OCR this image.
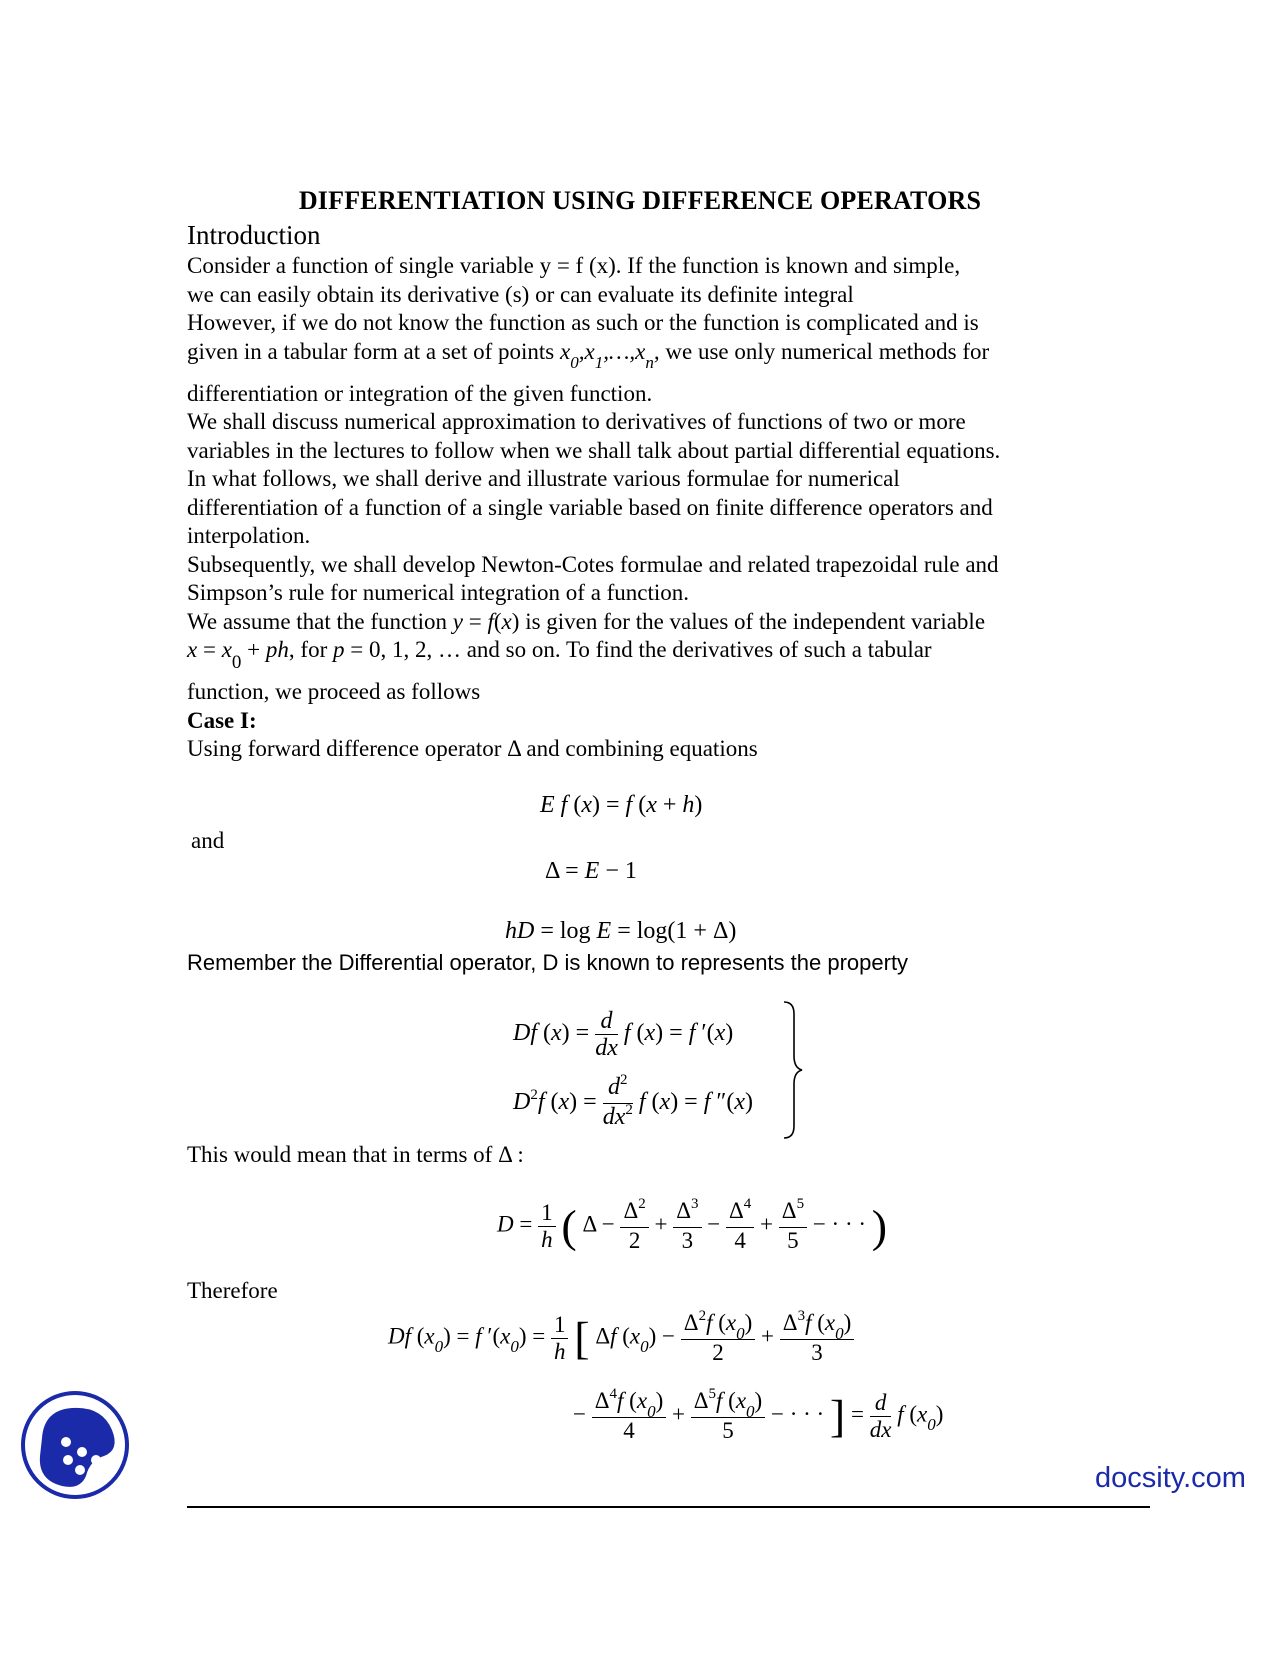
DIFFERENTIATION USING DIFFERENCE OPERATORS
Introduction
Consider a function of single variable y = f (x). If the function is known and simple,
we can easily obtain its derivative (s) or can evaluate its definite integral
However, if we do not know the function as such or the function is complicated and is
given in a tabular form at a set of points $x_0,x_1,\dots,x_n$, we use only numerical methods for
differentiation or integration of the given function.
We shall discuss numerical approximation to derivatives of functions of two or more
variables in the lectures to follow when we shall talk about partial differential equations.
In what follows, we shall derive and illustrate various formulae for numerical
differentiation of a function of a single variable based on finite difference operators and
interpolation.
Subsequently, we shall develop Newton-Cotes formulae and related trapezoidal rule and
Simpson’s rule for numerical integration of a function.
We assume that the function y = f(x) is given for the values of the independent variable
$x = x_0$ + ph, for p = 0, 1, 2, … and so on. To find the derivatives of such a tabular
function, we proceed as follows
Case I:
Using forward difference operator Δ and combining equations
E f (x) = f (x + h)
and
Δ = E − 1
hD = log E = log(1 + Δ)
Remember the Differential operator, D is known to represents the property
Df $(x) = \frac{d}{dx}$ f (x) = f ′(x)
$D^2f$ $(x) = \frac{d^2}{dx^2}$ f (x) = f ″(x)
This would mean that in terms of Δ :
$D = \frac{1}{h}$ ( $\Delta - \frac{\Delta^2}{2} + \frac{\Delta^3}{3} - \frac{\Delta^4}{4} + \frac{\Delta^5}{5}$ − · · · )
Therefore
Df $(x_0) = f$ $'(x_0) = \frac{1}{h}$ [ Δf $(x_0) - \frac{\Delta^2f (x_0)}{2} + \frac{\Delta^3f (x_0)}{3}$
− $\frac{\Delta^4f (x_0)}{4} + \frac{\Delta^5f (x_0)}{5}$ − · · · ] = $\frac{d}{dx}$ f $(x_0)$
docsity.com
